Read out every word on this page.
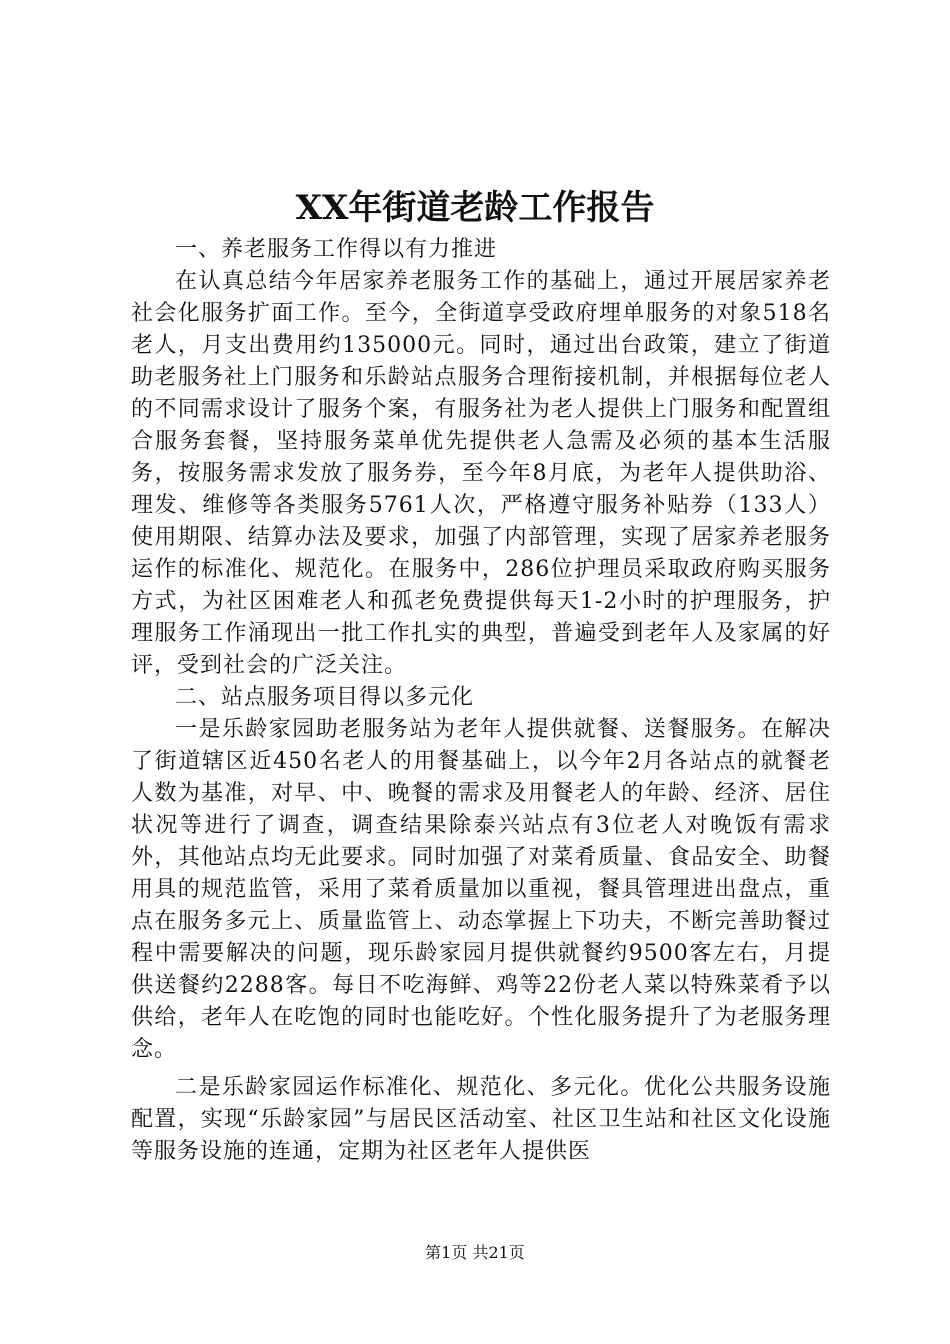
XX年街道老龄工作报告

一、养老服务工作得以有力推进

在认真总结今年居家养老服务工作的基础上，通过开展居家养老社会化服务扩面工作。至今，全街道享受政府埋单服务的对象518名老人，月支出费用约135000元。同时，通过出台政策，建立了街道助老服务社上门服务和乐龄站点服务合理衔接机制，并根据每位老人的不同需求设计了服务个案，有服务社为老人提供上门服务和配置组合服务套餐，坚持服务菜单优先提供老人急需及必须的基本生活服务，按服务需求发放了服务券，至今年8月底，为老年人提供助浴、理发、维修等各类服务5761人次，严格遵守服务补贴券（133人）使用期限、结算办法及要求，加强了内部管理，实现了居家养老服务运作的标准化、规范化。在服务中，286位护理员采取政府购买服务方式，为社区困难老人和孤老免费提供每天1-2小时的护理服务，护理服务工作涌现出一批工作扎实的典型，普遍受到老年人及家属的好评，受到社会的广泛关注。

二、站点服务项目得以多元化

一是乐龄家园助老服务站为老年人提供就餐、送餐服务。在解决了街道辖区近450名老人的用餐基础上，以今年2月各站点的就餐老人数为基准，对早、中、晚餐的需求及用餐老人的年龄、经济、居住状况等进行了调查，调查结果除泰兴站点有3位老人对晚饭有需求外，其他站点均无此要求。同时加强了对菜肴质量、食品安全、助餐用具的规范监管，采用了菜肴质量加以重视，餐具管理进出盘点，重点在服务多元上、质量监管上、动态掌握上下功夫，不断完善助餐过程中需要解决的问题，现乐龄家园月提供就餐约9500客左右，月提供送餐约2288客。每日不吃海鲜、鸡等22份老人菜以特殊菜肴予以供给，老年人在吃饱的同时也能吃好。个性化服务提升了为老服务理念。

二是乐龄家园运作标准化、规范化、多元化。优化公共服务设施配置，实现“乐龄家园”与居民区活动室、社区卫生站和社区文化设施等服务设施的连通，定期为社区老年人提供医

第1页 共21页
